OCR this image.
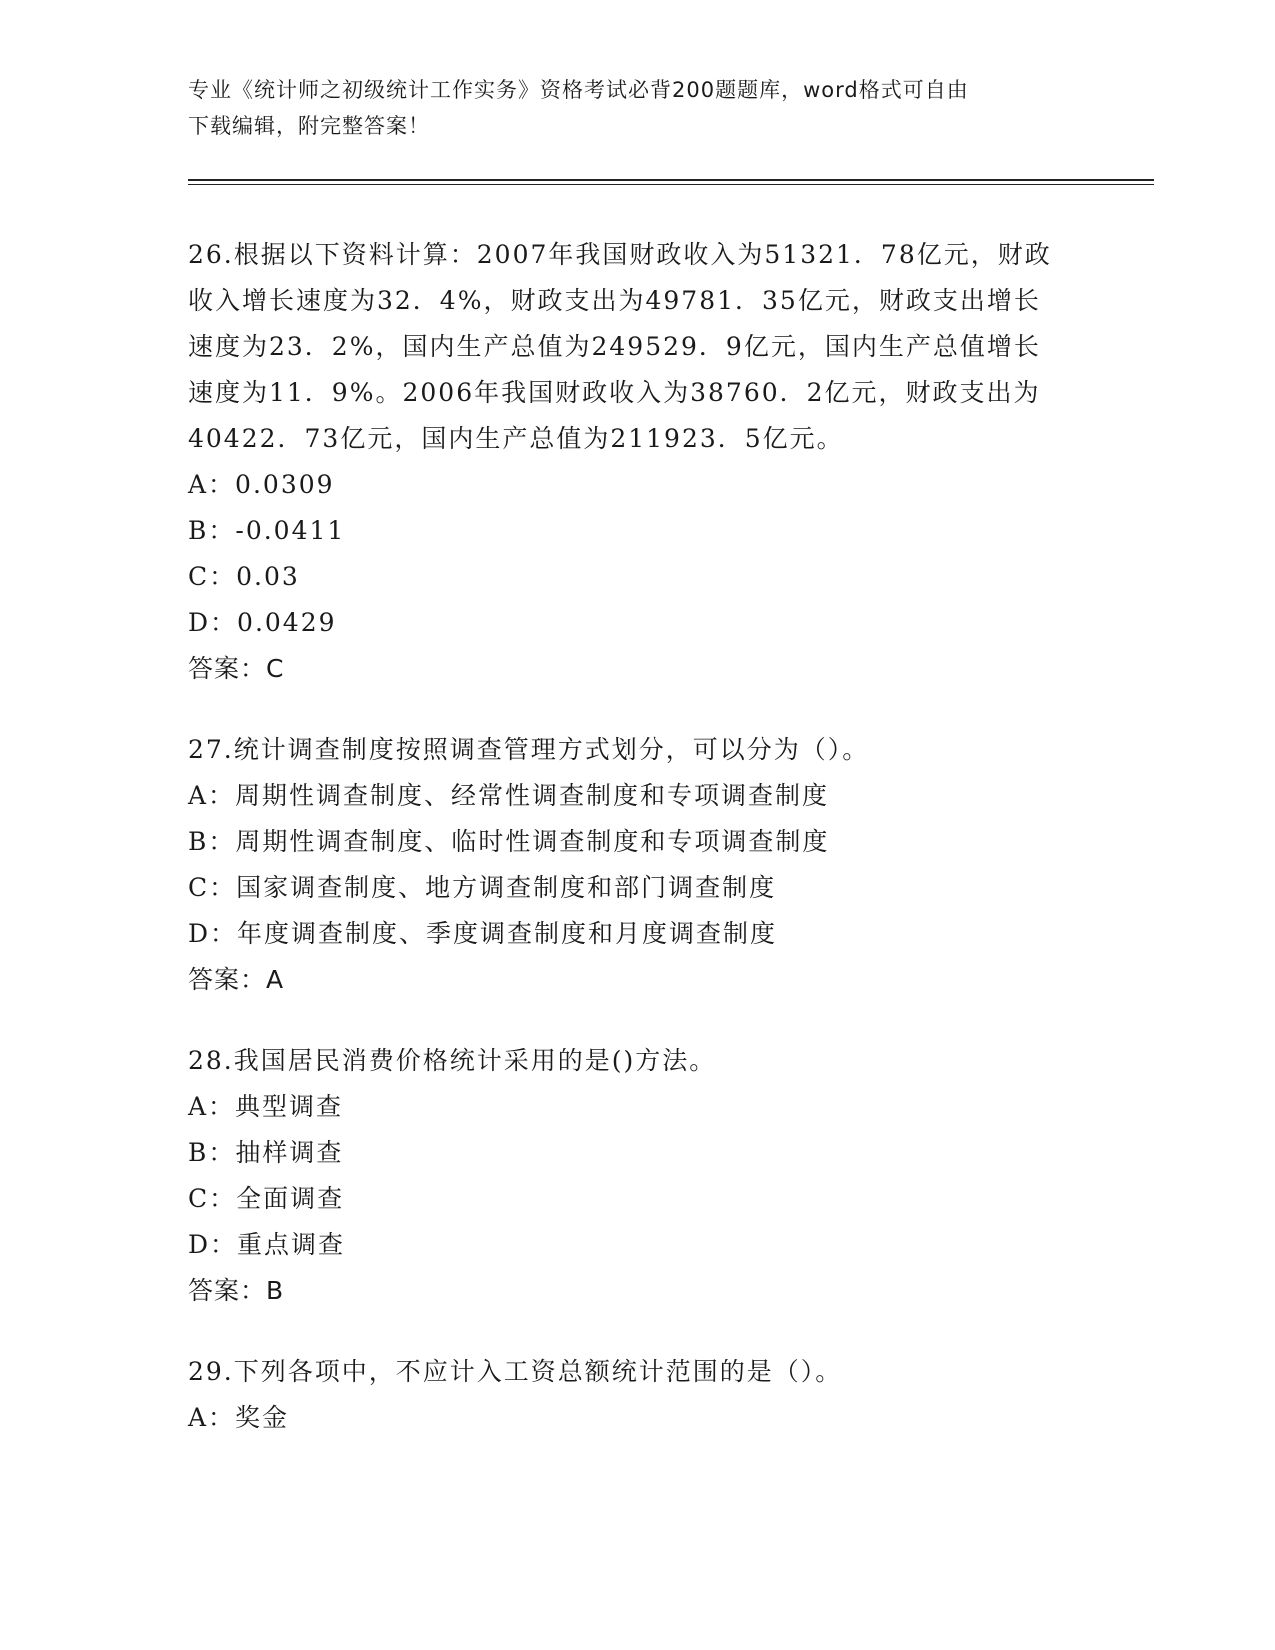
专业《统计师之初级统计工作实务》资格考试必背200题题库，word格式可自由
下载编辑，附完整答案！
26.根据以下资料计算：2007年我国财政收入为51321．78亿元，财政
收入增长速度为32．4%，财政支出为49781．35亿元，财政支出增长
速度为23．2%，国内生产总值为249529．9亿元，国内生产总值增长
速度为11．9%。2006年我国财政收入为38760．2亿元，财政支出为
40422．73亿元，国内生产总值为211923．5亿元。
A：0.0309
B：-0.0411
C：0.03
D：0.0429
答案：C
27.统计调查制度按照调查管理方式划分，可以分为（）。
A：周期性调查制度、经常性调查制度和专项调查制度
B：周期性调查制度、临时性调查制度和专项调查制度
C：国家调查制度、地方调查制度和部门调查制度
D：年度调查制度、季度调查制度和月度调查制度
答案：A
28.我国居民消费价格统计采用的是()方法。
A：典型调查
B：抽样调查
C：全面调查
D：重点调查
答案：B
29.下列各项中，不应计入工资总额统计范围的是（）。
A：奖金
